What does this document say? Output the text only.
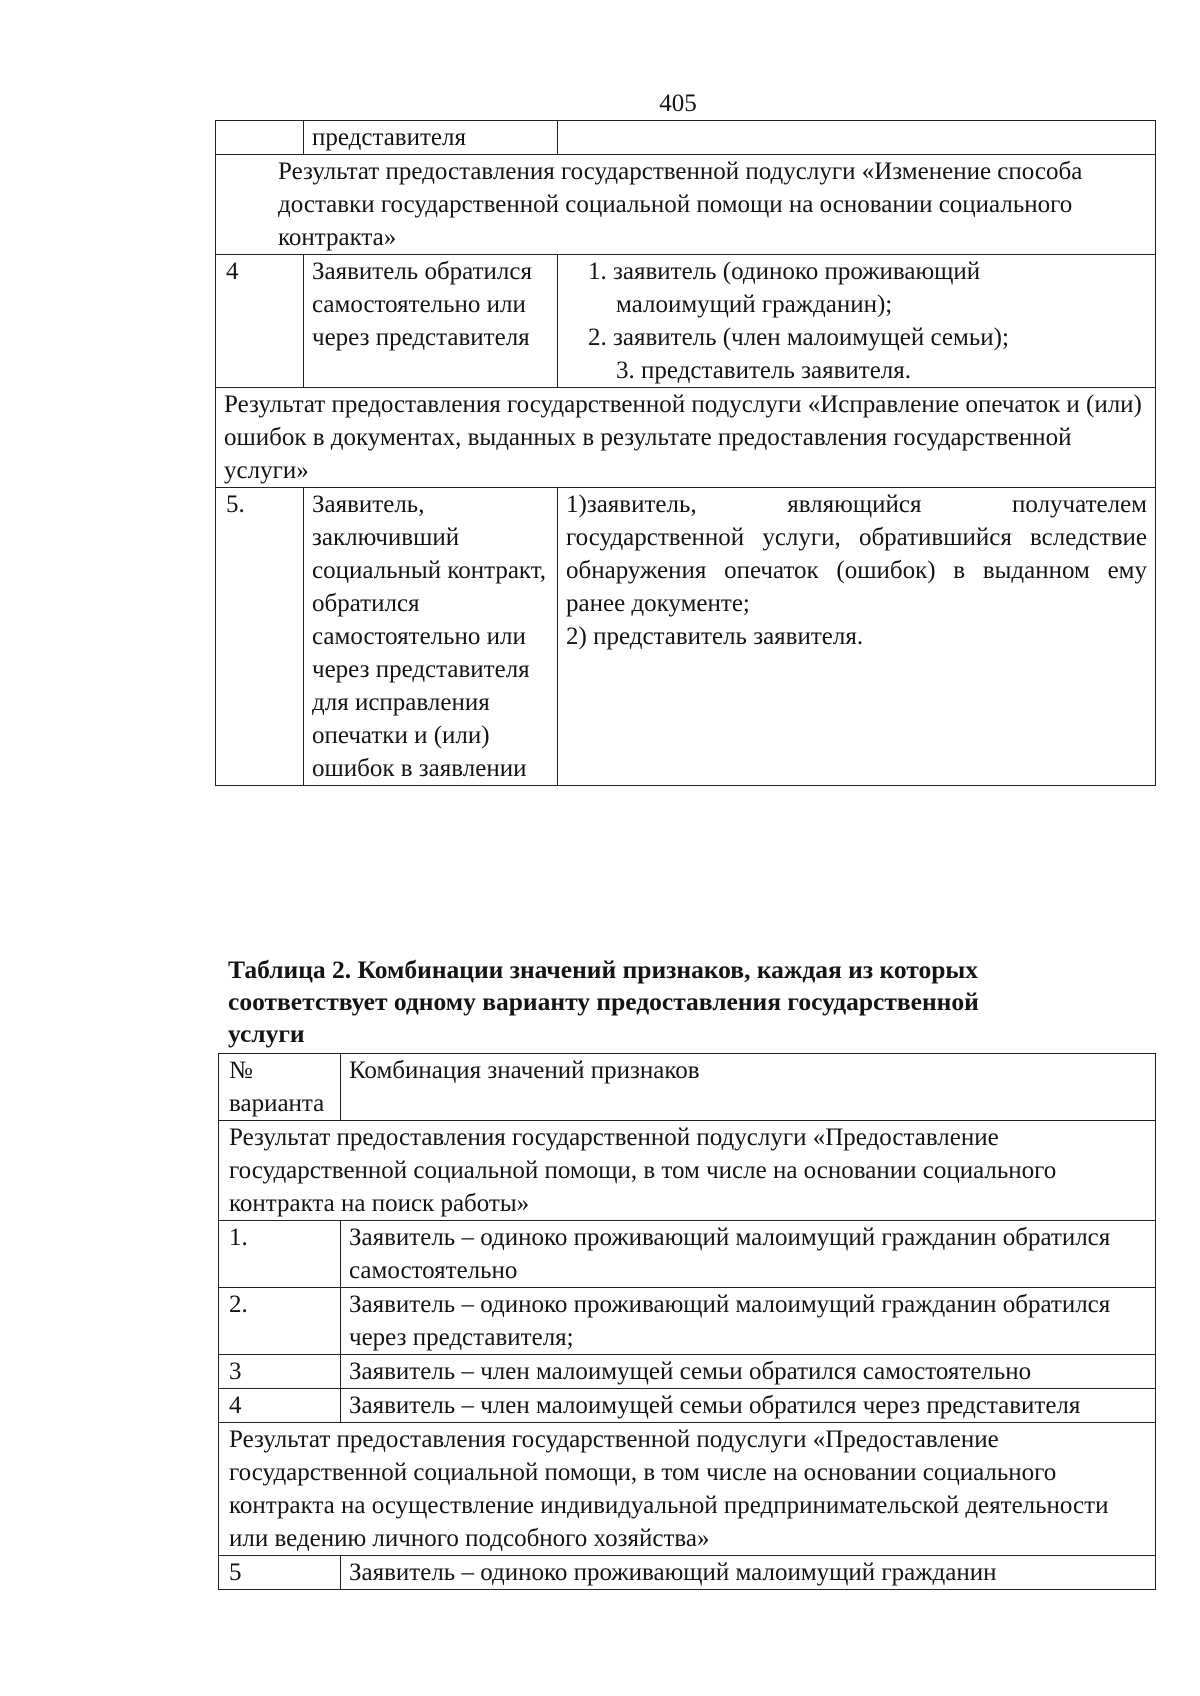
405
	представителя	
Результат предоставления государственной подуслуги «Изменение способа доставки государственной социальной помощи на основании социального контракта»		
4	Заявитель обратился самостоятельно или через представителя	1. заявитель (одиноко проживающий
малоимущий гражданин);
2. заявитель (член малоимущей семьи);
3. представитель заявителя.

Результат предоставления государственной подуслуги «Исправление опечаток и (или) ошибок в документах, выданных в результате предоставления государственной услуги»		
5.	Заявитель, заключивший социальный контракт, обратился самостоятельно или через представителя для исправления опечатки и (или) ошибок в заявлении	1)заявитель, являющийся получателем государственной услуги, обратившийся вследствие обнаружения опечаток (ошибок) в выданном ему ранее документе;
2) представитель заявителя.
Таблица 2. Комбинации значений признаков, каждая из которых
соответствует одному варианту предоставления государственной
услуги
№ варианта	Комбинация значений признаков
Результат предоставления государственной подуслуги «Предоставление государственной социальной помощи, в том числе на основании социального контракта на поиск работы»	
1.	Заявитель – одиноко проживающий малоимущий гражданин обратился самостоятельно
2.	Заявитель – одиноко проживающий малоимущий гражданин обратился через представителя;
3	Заявитель – член малоимущей семьи обратился самостоятельно
4	Заявитель – член малоимущей семьи обратился через представителя
Результат предоставления государственной подуслуги «Предоставление государственной социальной помощи, в том числе на основании социального контракта на осуществление индивидуальной предпринимательской деятельности или ведению личного подсобного хозяйства»	
5	Заявитель – одиноко проживающий малоимущий гражданин
